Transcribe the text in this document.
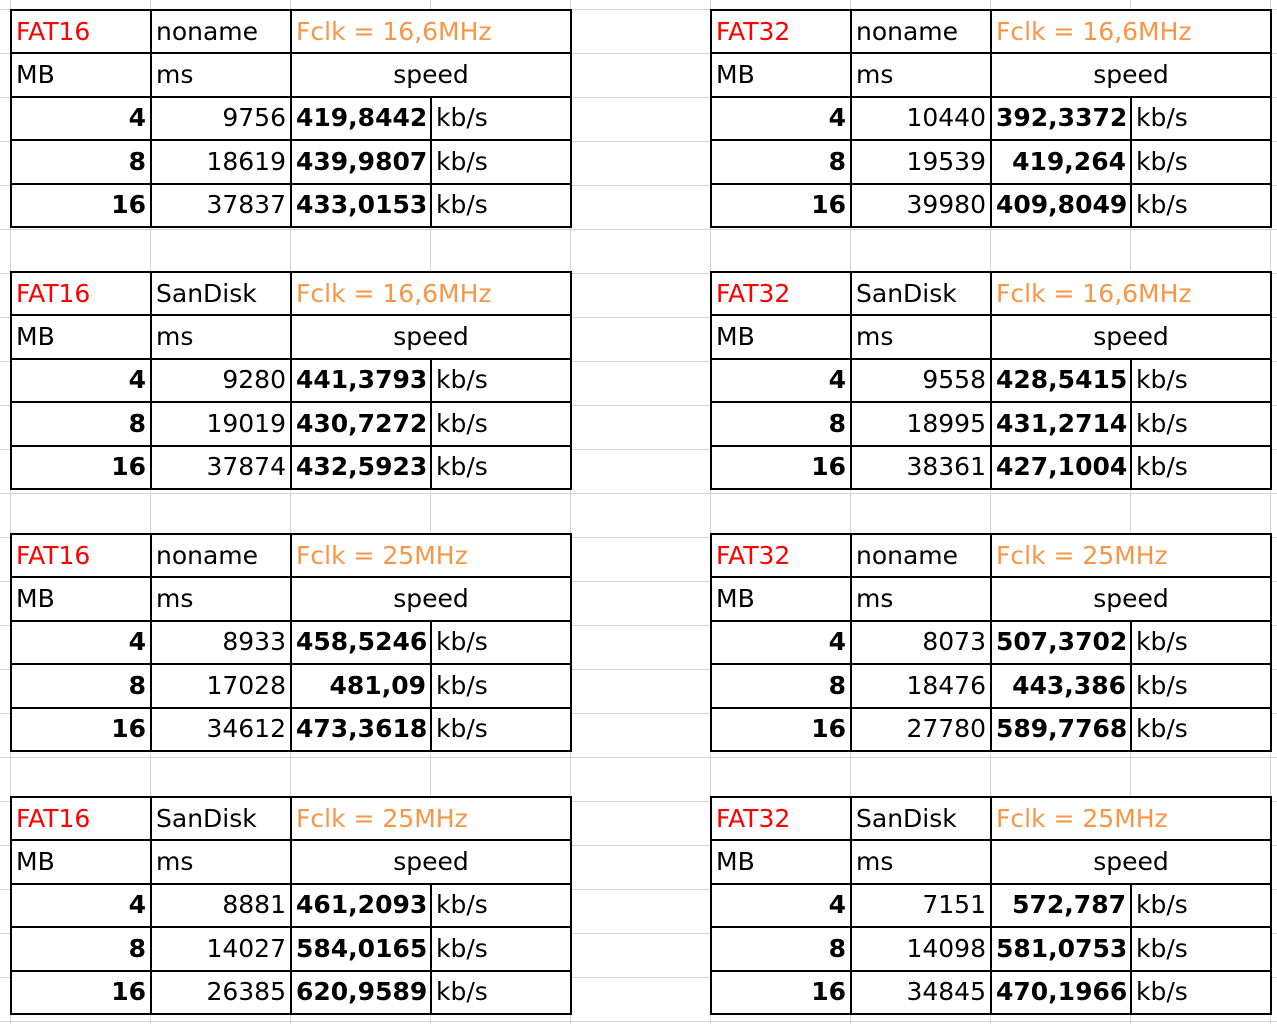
FAT16	noname	Fclk = 16,6MHz	
MB	ms	speed	
4	9756	419,8442	kb/s
8	18619	439,9807	kb/s
16	37837	433,0153	kb/s
FAT32	noname	Fclk = 16,6MHz	
MB	ms	speed	
4	10440	392,3372	kb/s
8	19539	419,264	kb/s
16	39980	409,8049	kb/s
FAT16	SanDisk	Fclk = 16,6MHz	
MB	ms	speed	
4	9280	441,3793	kb/s
8	19019	430,7272	kb/s
16	37874	432,5923	kb/s
FAT32	SanDisk	Fclk = 16,6MHz	
MB	ms	speed	
4	9558	428,5415	kb/s
8	18995	431,2714	kb/s
16	38361	427,1004	kb/s
FAT16	noname	Fclk = 25MHz	
MB	ms	speed	
4	8933	458,5246	kb/s
8	17028	481,09	kb/s
16	34612	473,3618	kb/s
FAT32	noname	Fclk = 25MHz	
MB	ms	speed	
4	8073	507,3702	kb/s
8	18476	443,386	kb/s
16	27780	589,7768	kb/s
FAT16	SanDisk	Fclk = 25MHz	
MB	ms	speed	
4	8881	461,2093	kb/s
8	14027	584,0165	kb/s
16	26385	620,9589	kb/s
FAT32	SanDisk	Fclk = 25MHz	
MB	ms	speed	
4	7151	572,787	kb/s
8	14098	581,0753	kb/s
16	34845	470,1966	kb/s
